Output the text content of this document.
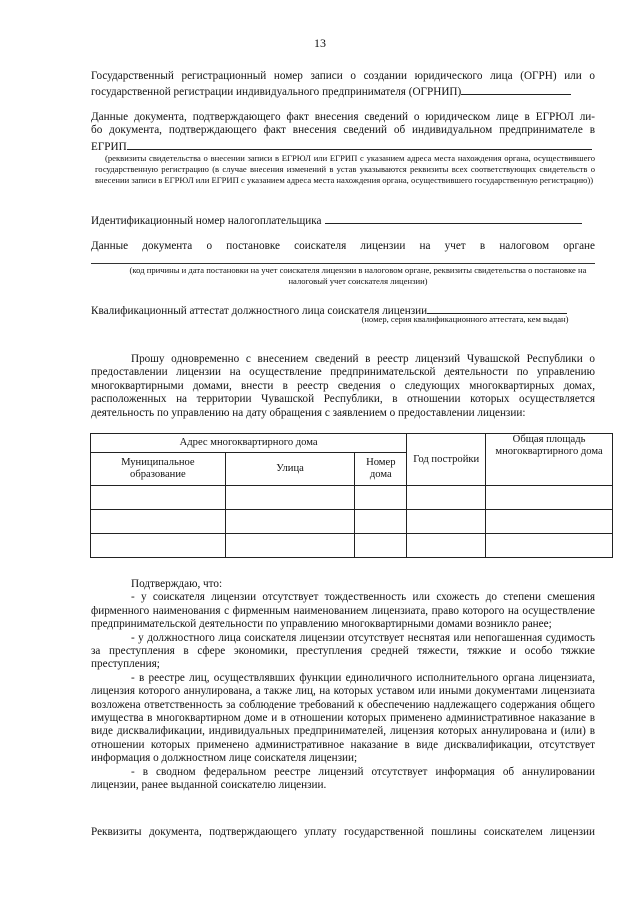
13

Государственный регистрационный номер записи о создании юридического лица (ОГРН) или о

государственной регистрации индивидуального предпринимателя (ОГРНИП)

Данные документа, подтверждающего факт внесения сведений о юридическом лице в ЕГРЮЛ ли-

бо документа, подтверждающего факт внесения сведений об индивидуальном предпринимателе в

ЕГРИП

(реквизиты свидетельства о внесении записи в ЕГРЮЛ или ЕГРИП с указанием адреса места нахождения органа, осуществившего государственную регистрацию (в случае внесения изменений в устав указываются реквизиты всех соответствующих свидетельств о внесении записи в ЕГРЮЛ или ЕГРИП с указанием адреса места нахождения органа, осуществившего государственную регистрацию))
Идентификационный номер налогоплательщика
Данные документа о постановке соискателя лицензии на учет в налоговом органе
(код причины и дата постановки на учет соискателя лицензии в налоговом органе, реквизиты свидетельства о постановке на налоговый учет соискателя лицензии)
Квалификационный аттестат должностного лица соискателя лицензии
(номер, серия квалификационного аттестата, кем выдан)

Прошу одновременно с внесением сведений в реестр лицензий Чувашской Республики о предоставлении лицензии на осуществление предпринимательской деятельности по управлению многоквартирными домами, внести в реестр сведения о следующих многоквартирных домах, расположенных на территории Чувашской Республики, в отношении которых осуществляется деятельность по управлению на дату обращения с заявлением о предоставлении лицензии:

Адрес многоквартирного дома			Год постройки	Общая площадь многоквартирного дома
Муниципальное образование	Улица	Номер дома		

Подтверждаю, что:

- у соискателя лицензии отсутствует тождественность или схожесть до степени смешения фирменного наименования с фирменным наименованием лицензиата, право которого на осуществление предпринимательской деятельности по управлению многоквартирными домами возникло ранее;

- у должностного лица соискателя лицензии отсутствует неснятая или непогашенная судимость за преступления в сфере экономики, преступления средней тяжести, тяжкие и особо тяжкие преступления;

- в реестре лиц, осуществлявших функции единоличного исполнительного органа лицензиата, лицензия которого аннулирована, а также лиц, на которых уставом или иными документами лицензиата возложена ответственность за соблюдение требований к обеспечению надлежащего содержания общего имущества в многоквартирном доме и в отношении которых применено административное наказание в виде дисквалификации, индивидуальных предпринимателей, лицензия которых аннулирована и (или) в отношении которых применено административное наказание в виде дисквалификации, отсутствует информация о должностном лице соискателя лицензии;

- в сводном федеральном реестре лицензий отсутствует информация об аннулировании лицензии, ранее выданной соискателю лицензии.

Реквизиты документа, подтверждающего уплату государственной пошлины соискателем лицензии
